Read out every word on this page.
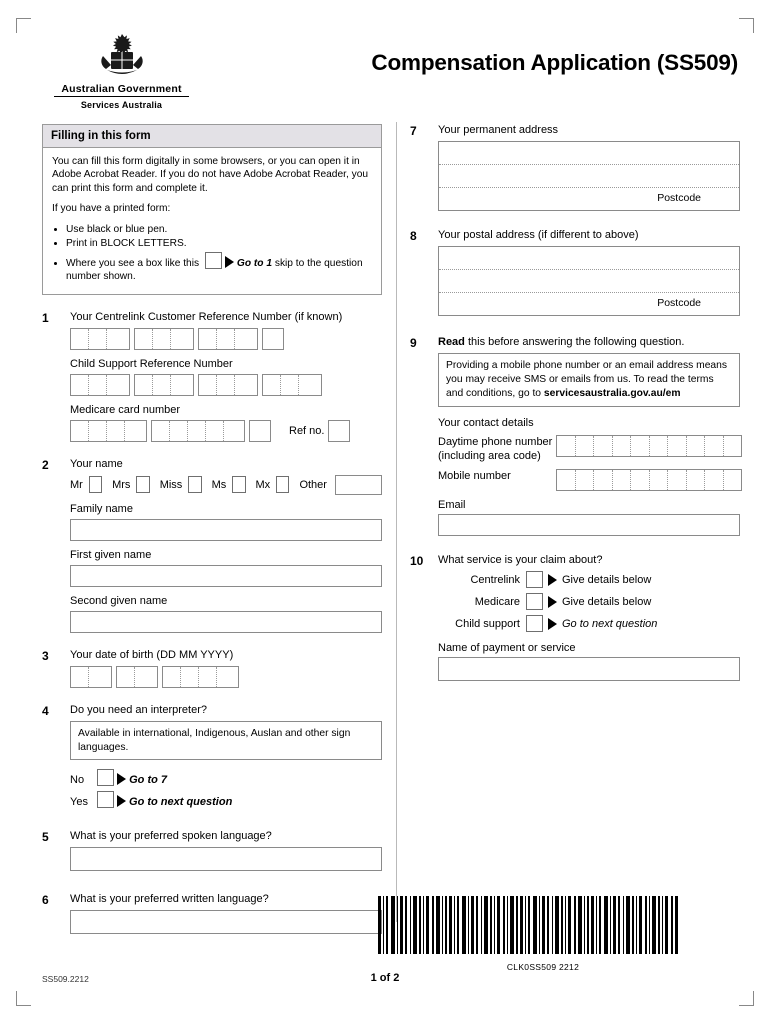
Australian Government
Services Australia
Compensation Application (SS509)
Filling in this form

You can fill this form digitally in some browsers, or you can open it in Adobe Acrobat Reader. If you do not have Adobe Acrobat Reader, you can print this form and complete it.

If you have a printed form:

• Use black or blue pen.
• Print in BLOCK LETTERS.
• Where you see a box like this	Go to 1 skip to the question number shown.
1	Your Centrelink Customer Reference Number (if known)
Child Support Reference Number
Medicare card number
Ref no.
2	Your name
Mr	Mrs	Miss	Ms	Mx	Other
Family name
First given name
Second given name
3	Your date of birth (DD MM YYYY)
4	Do you need an interpreter?
Available in international, Indigenous, Auslan and other sign languages.
No	Go to 7
Yes	Go to next question
5	What is your preferred spoken language?
6	What is your preferred written language?
7	Your permanent address
Postcode
8	Your postal address (if different to above)
Postcode
9	Read this before answering the following question.
Providing a mobile phone number or an email address means you may receive SMS or emails from us. To read the terms and conditions, go to servicesaustralia.gov.au/em
Your contact details
Daytime phone number
(including area code)
Mobile number
Email
10	What service is your claim about?
Centrelink	Give details below
Medicare	Give details below
Child support	Go to next question
Name of payment or service
CLK0SS509 2212
SS509.2212	1 of 2
